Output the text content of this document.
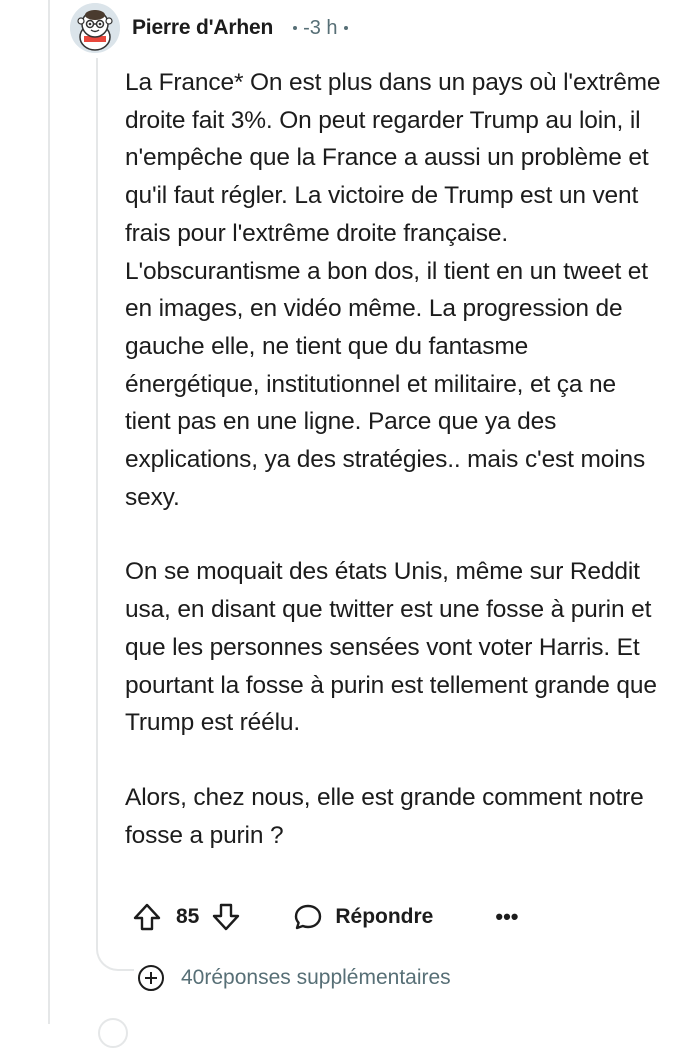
Pierre d'Arhen -3 h

La France* On est plus dans un pays où l'extrême droite fait 3%. On peut regarder Trump au loin, il n'empêche que la France a aussi un problème et qu'il faut régler. La victoire de Trump est un vent frais pour l'extrême droite française. L'obscurantisme a bon dos, il tient en un tweet et en images, en vidéo même. La progression de gauche elle, ne tient que du fantasme énergétique, institutionnel et militaire, et ça ne tient pas en une ligne. Parce que ya des explications, ya des stratégies.. mais c'est moins sexy.

On se moquait des états Unis, même sur Reddit usa, en disant que twitter est une fosse à purin et que les personnes sensées vont voter Harris. Et pourtant la fosse à purin est tellement grande que Trump est réélu.

Alors, chez nous, elle est grande comment notre fosse a purin ?

85	Répondre	•••
40réponses supplémentaires
